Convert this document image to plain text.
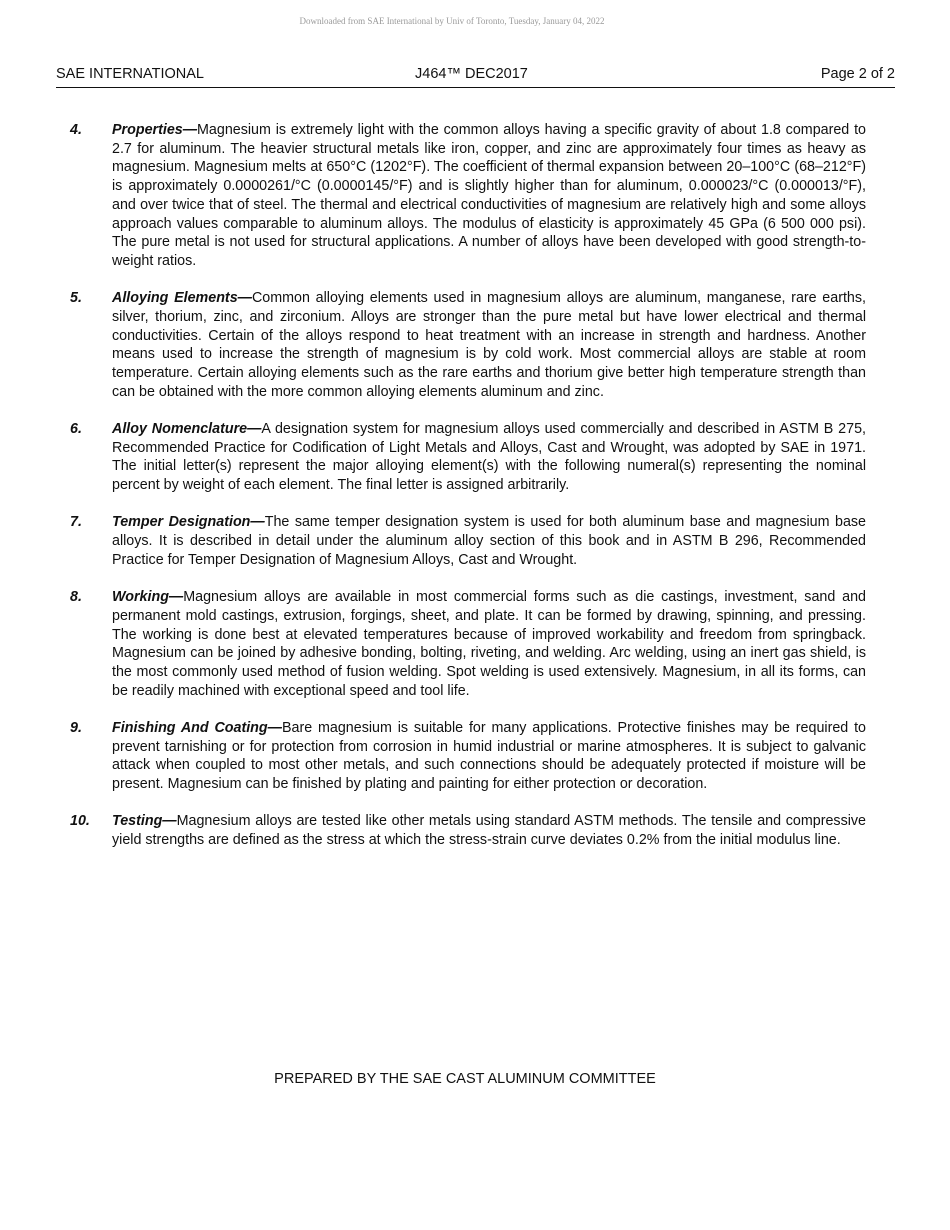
Downloaded from SAE International by Univ of Toronto, Tuesday, January 04, 2022
SAE INTERNATIONAL	J464™ DEC2017	Page 2 of 2
4. Properties—Magnesium is extremely light with the common alloys having a specific gravity of about 1.8 compared to 2.7 for aluminum. The heavier structural metals like iron, copper, and zinc are approximately four times as heavy as magnesium. Magnesium melts at 650°C (1202°F). The coefficient of thermal expansion between 20–100°C (68–212°F) is approximately 0.0000261/°C (0.0000145/°F) and is slightly higher than for aluminum, 0.000023/°C (0.000013/°F), and over twice that of steel. The thermal and electrical conductivities of magnesium are relatively high and some alloys approach values comparable to aluminum alloys. The modulus of elasticity is approximately 45 GPa (6 500 000 psi). The pure metal is not used for structural applications. A number of alloys have been developed with good strength-to-weight ratios.
5. Alloying Elements—Common alloying elements used in magnesium alloys are aluminum, manganese, rare earths, silver, thorium, zinc, and zirconium. Alloys are stronger than the pure metal but have lower electrical and thermal conductivities. Certain of the alloys respond to heat treatment with an increase in strength and hardness. Another means used to increase the strength of magnesium is by cold work. Most commercial alloys are stable at room temperature. Certain alloying elements such as the rare earths and thorium give better high temperature strength than can be obtained with the more common alloying elements aluminum and zinc.
6. Alloy Nomenclature—A designation system for magnesium alloys used commercially and described in ASTM B 275, Recommended Practice for Codification of Light Metals and Alloys, Cast and Wrought, was adopted by SAE in 1971. The initial letter(s) represent the major alloying element(s) with the following numeral(s) representing the nominal percent by weight of each element. The final letter is assigned arbitrarily.
7. Temper Designation—The same temper designation system is used for both aluminum base and magnesium base alloys. It is described in detail under the aluminum alloy section of this book and in ASTM B 296, Recommended Practice for Temper Designation of Magnesium Alloys, Cast and Wrought.
8. Working—Magnesium alloys are available in most commercial forms such as die castings, investment, sand and permanent mold castings, extrusion, forgings, sheet, and plate. It can be formed by drawing, spinning, and pressing. The working is done best at elevated temperatures because of improved workability and freedom from springback. Magnesium can be joined by adhesive bonding, bolting, riveting, and welding. Arc welding, using an inert gas shield, is the most commonly used method of fusion welding. Spot welding is used extensively. Magnesium, in all its forms, can be readily machined with exceptional speed and tool life.
9. Finishing And Coating—Bare magnesium is suitable for many applications. Protective finishes may be required to prevent tarnishing or for protection from corrosion in humid industrial or marine atmospheres. It is subject to galvanic attack when coupled to most other metals, and such connections should be adequately protected if moisture will be present. Magnesium can be finished by plating and painting for either protection or decoration.
10. Testing—Magnesium alloys are tested like other metals using standard ASTM methods. The tensile and compressive yield strengths are defined as the stress at which the stress-strain curve deviates 0.2% from the initial modulus line.
PREPARED BY THE SAE CAST ALUMINUM COMMITTEE
